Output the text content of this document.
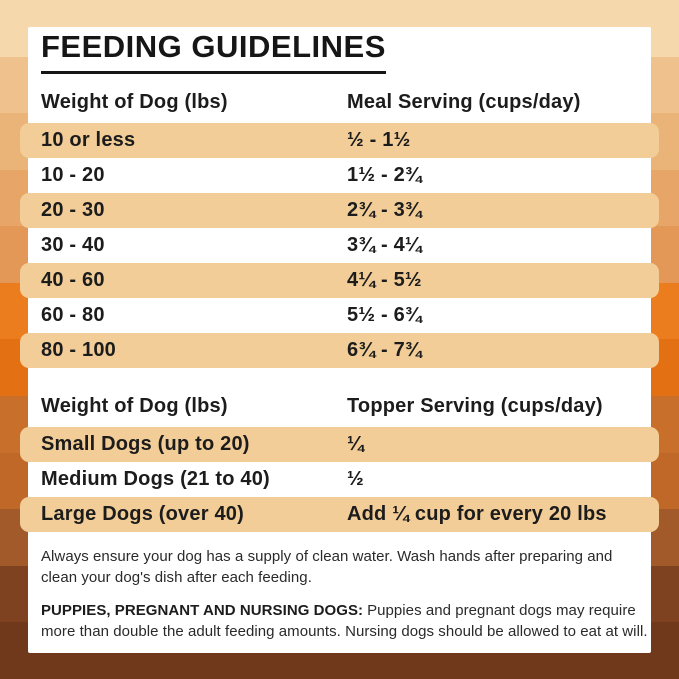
FEEDING GUIDELINES
Weight of Dog (lbs)	Meal Serving (cups/day)
10 or less	½ - 1½
10 - 20	1½ - 2¾
20 - 30	2¾ - 3¾
30 - 40	3¾ - 4¼
40 - 60	4¼ - 5½
60 - 80	5½ - 6¾
80 - 100	6¾ - 7¾
Weight of Dog (lbs)	Topper Serving (cups/day)
Small Dogs (up to 20)	¼
Medium Dogs (21 to 40)	½
Large Dogs (over 40)	Add ¼ cup for every 20 lbs

Always ensure your dog has a supply of clean water. Wash hands after preparing and clean your dog's dish after each feeding.

PUPPIES, PREGNANT AND NURSING DOGS: Puppies and pregnant dogs may require more than double the adult feeding amounts. Nursing dogs should be allowed to eat at will.
